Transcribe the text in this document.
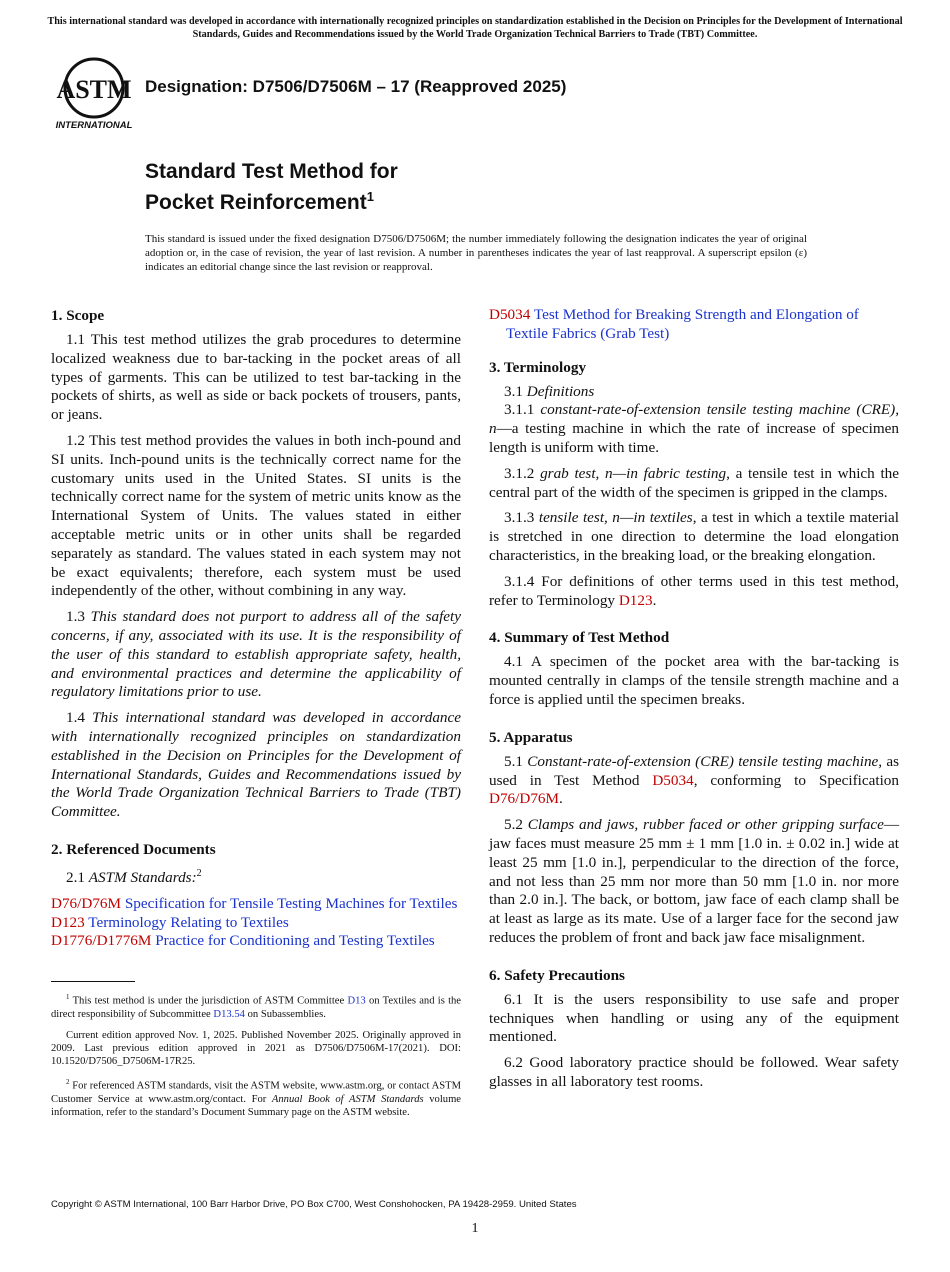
This international standard was developed in accordance with internationally recognized principles on standardization established in the Decision on Principles for the Development of International Standards, Guides and Recommendations issued by the World Trade Organization Technical Barriers to Trade (TBT) Committee.
ASTM
INTERNATIONAL
Designation: D7506/D7506M – 17 (Reapproved 2025)
Standard Test Method for
Pocket Reinforcement$^1$
This standard is issued under the fixed designation D7506/D7506M; the number immediately following the designation indicates the year of original adoption or, in the case of revision, the year of last revision. A number in parentheses indicates the year of last reapproval. A superscript epsilon (ε) indicates an editorial change since the last revision or reapproval.
1. Scope

1.1 This test method utilizes the grab procedures to determine localized weakness due to bar-tacking in the pocket areas of all types of garments. This can be utilized to test bar-tacking in the pockets of shirts, as well as side or back pockets of trousers, pants, or jeans.

1.2 This test method provides the values in both inch-pound and SI units. Inch-pound units is the technically correct name for the customary units used in the United States. SI units is the technically correct name for the system of metric units know as the International System of Units. The values stated in either acceptable metric units or in other units shall be regarded separately as standard. The values stated in each system may not be exact equivalents; therefore, each system must be used independently of the other, without combining in any way.

1.3 This standard does not purport to address all of the safety concerns, if any, associated with its use. It is the responsibility of the user of this standard to establish appropriate safety, health, and environmental practices and determine the applicability of regulatory limitations prior to use.

1.4 This international standard was developed in accordance with internationally recognized principles on standardization established in the Decision on Principles for the Development of International Standards, Guides and Recommendations issued by the World Trade Organization Technical Barriers to Trade (TBT) Committee.

2. Referenced Documents

2.1 ASTM Standards:$^2$

D76/D76M Specification for Tensile Testing Machines for Textiles
D123 Terminology Relating to Textiles
D1776/D1776M Practice for Conditioning and Testing Textiles

$^1$ This test method is under the jurisdiction of ASTM Committee D13 on Textiles and is the direct responsibility of Subcommittee D13.54 on Subassemblies.

Current edition approved Nov. 1, 2025. Published November 2025. Originally approved in 2009. Last previous edition approved in 2021 as D7506/D7506M-17(2021). DOI: 10.1520/D7506_D7506M-17R25.

$^2$ For referenced ASTM standards, visit the ASTM website, www.astm.org, or contact ASTM Customer Service at www.astm.org/contact. For Annual Book of ASTM Standards volume information, refer to the standard’s Document Summary page on the ASTM website.

D5034 Test Method for Breaking Strength and Elongation of Textile Fabrics (Grab Test)
3. Terminology

3.1 Definitions

3.1.1 constant-rate-of-extension tensile testing machine (CRE), n—a testing machine in which the rate of increase of specimen length is uniform with time.

3.1.2 grab test, n—in fabric testing, a tensile test in which the central part of the width of the specimen is gripped in the clamps.

3.1.3 tensile test, n—in textiles, a test in which a textile material is stretched in one direction to determine the load elongation characteristics, in the breaking load, or the breaking elongation.

3.1.4 For definitions of other terms used in this test method, refer to Terminology D123.

4. Summary of Test Method

4.1 A specimen of the pocket area with the bar-tacking is mounted centrally in clamps of the tensile strength machine and a force is applied until the specimen breaks.

5. Apparatus

5.1 Constant-rate-of-extension (CRE) tensile testing machine, as used in Test Method D5034, conforming to Specification D76/D76M.

5.2 Clamps and jaws, rubber faced or other gripping surface—jaw faces must measure 25 mm ± 1 mm [1.0 in. ± 0.02 in.] wide at least 25 mm [1.0 in.], perpendicular to the direction of the force, and not less than 25 mm nor more than 50 mm [1.0 in. nor more than 2.0 in.]. The back, or bottom, jaw face of each clamp shall be at least as large as its mate. Use of a larger face for the second jaw reduces the problem of front and back jaw face misalignment.

6. Safety Precautions

6.1 It is the users responsibility to use safe and proper techniques when handling or using any of the equipment mentioned.

6.2 Good laboratory practice should be followed. Wear safety glasses in all laboratory test rooms.

Copyright © ASTM International, 100 Barr Harbor Drive, PO Box C700, West Conshohocken, PA 19428-2959. United States
1
